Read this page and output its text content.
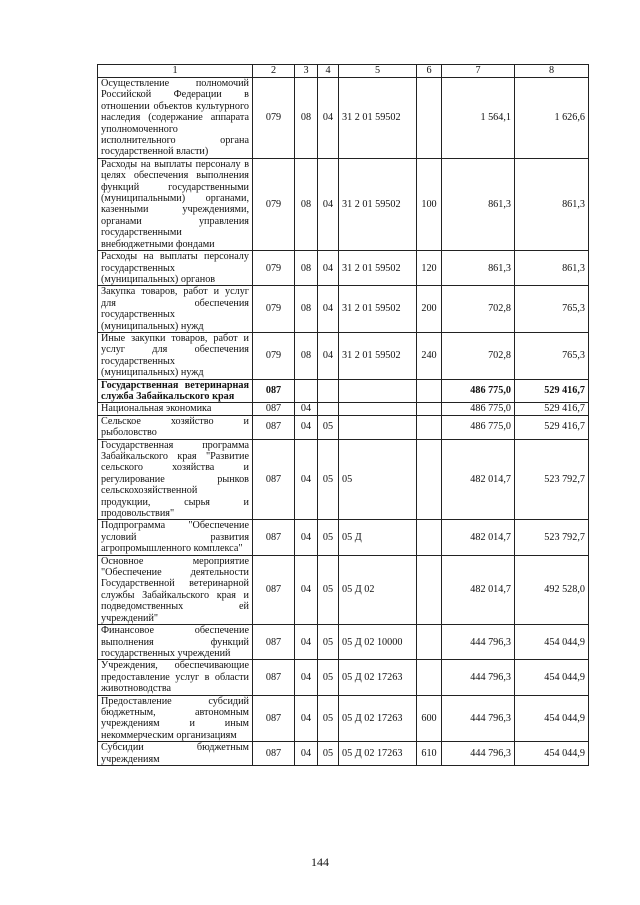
1	2	3	4	5	6	7	8
Осуществление полномочий Российской Федерации в отношении объектов культурного наследия (содержание аппарата уполномоченного исполнительного органа государственной власти)	079	08	04	31 2 01 59502		1 564,1	1 626,6
Расходы на выплаты персоналу в целях обеспечения выполнения функций государственными (муниципальными) органами, казенными учреждениями, органами управления государственными внебюджетными фондами	079	08	04	31 2 01 59502	100	861,3	861,3
Расходы на выплаты персоналу государственных (муниципальных) органов	079	08	04	31 2 01 59502	120	861,3	861,3
Закупка товаров, работ и услуг для обеспечения государственных (муниципальных) нужд	079	08	04	31 2 01 59502	200	702,8	765,3
Иные закупки товаров, работ и услуг для обеспечения государственных (муниципальных) нужд	079	08	04	31 2 01 59502	240	702,8	765,3
Государственная ветеринарная служба Забайкальского края	087					486 775,0	529 416,7
Национальная экономика	087	04				486 775,0	529 416,7
Сельское хозяйство и рыболовство	087	04	05			486 775,0	529 416,7
Государственная программа Забайкальского края "Развитие сельского хозяйства и регулирование рынков сельскохозяйственной продукции, сырья и продовольствия"	087	04	05	05		482 014,7	523 792,7
Подпрограмма "Обеспечение условий развития агропромышленного комплекса"	087	04	05	05 Д		482 014,7	523 792,7
Основное мероприятие "Обеспечение деятельности Государственной ветеринарной службы Забайкальского края и подведомственных ей учреждений"	087	04	05	05 Д 02		482 014,7	492 528,0
Финансовое обеспечение выполнения функций государственных учреждений	087	04	05	05 Д 02 10000		444 796,3	454 044,9
Учреждения, обеспечивающие предоставление услуг в области животноводства	087	04	05	05 Д 02 17263		444 796,3	454 044,9
Предоставление субсидий бюджетным, автономным учреждениям и иным некоммерческим организациям	087	04	05	05 Д 02 17263	600	444 796,3	454 044,9
Субсидии бюджетным учреждениям	087	04	05	05 Д 02 17263	610	444 796,3	454 044,9
144
